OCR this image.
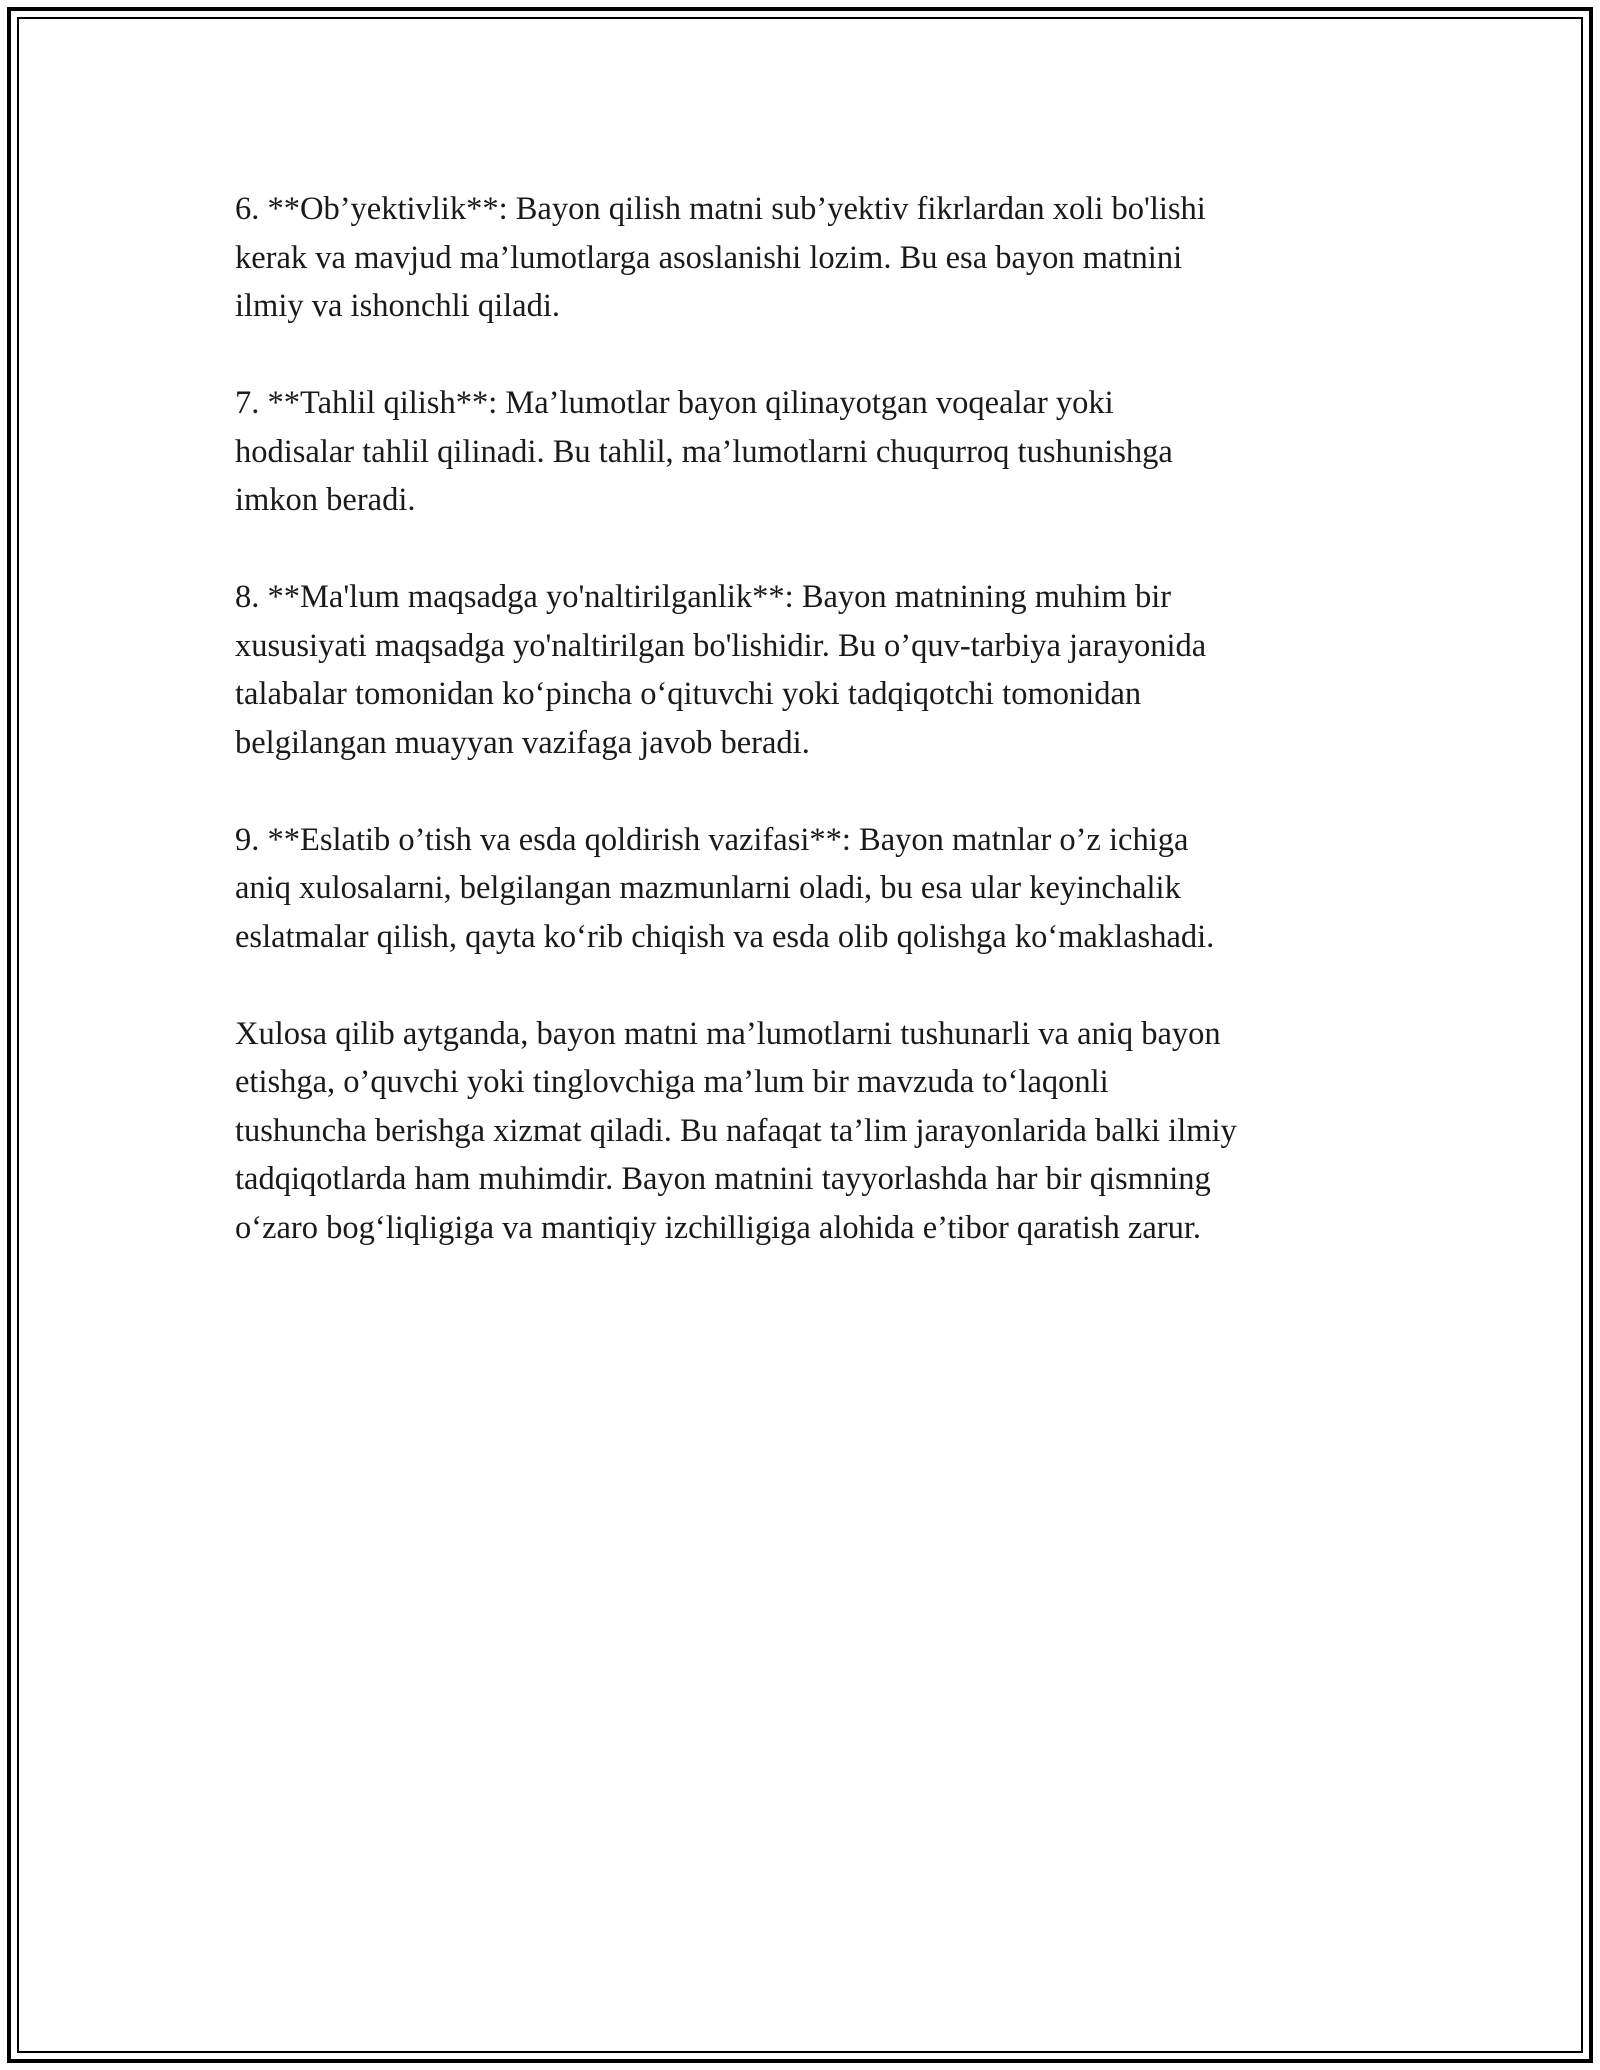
6. **Ob’yektivlik**: Bayon qilish matni sub’yektiv fikrlardan xoli bo'lishi
kerak va mavjud ma’lumotlarga asoslanishi lozim. Bu esa bayon matnini
ilmiy va ishonchli qiladi.

7. **Tahlil qilish**: Ma’lumotlar bayon qilinayotgan voqealar yoki
hodisalar tahlil qilinadi. Bu tahlil, ma’lumotlarni chuqurroq tushunishga
imkon beradi.

8. **Ma'lum maqsadga yo'naltirilganlik**: Bayon matnining muhim bir
xususiyati maqsadga yo'naltirilgan bo'lishidir. Bu o’quv-tarbiya jarayonida
talabalar tomonidan ko‘pincha o‘qituvchi yoki tadqiqotchi tomonidan
belgilangan muayyan vazifaga javob beradi.

9. **Eslatib o’tish va esda qoldirish vazifasi**: Bayon matnlar o’z ichiga
aniq xulosalarni, belgilangan mazmunlarni oladi, bu esa ular keyinchalik
eslatmalar qilish, qayta ko‘rib chiqish va esda olib qolishga ko‘maklashadi.

Xulosa qilib aytganda, bayon matni ma’lumotlarni tushunarli va aniq bayon
etishga, o’quvchi yoki tinglovchiga ma’lum bir mavzuda to‘laqonli
tushuncha berishga xizmat qiladi. Bu nafaqat ta’lim jarayonlarida balki ilmiy
tadqiqotlarda ham muhimdir. Bayon matnini tayyorlashda har bir qismning
o‘zaro bog‘liqligiga va mantiqiy izchilligiga alohida e’tibor qaratish zarur.
